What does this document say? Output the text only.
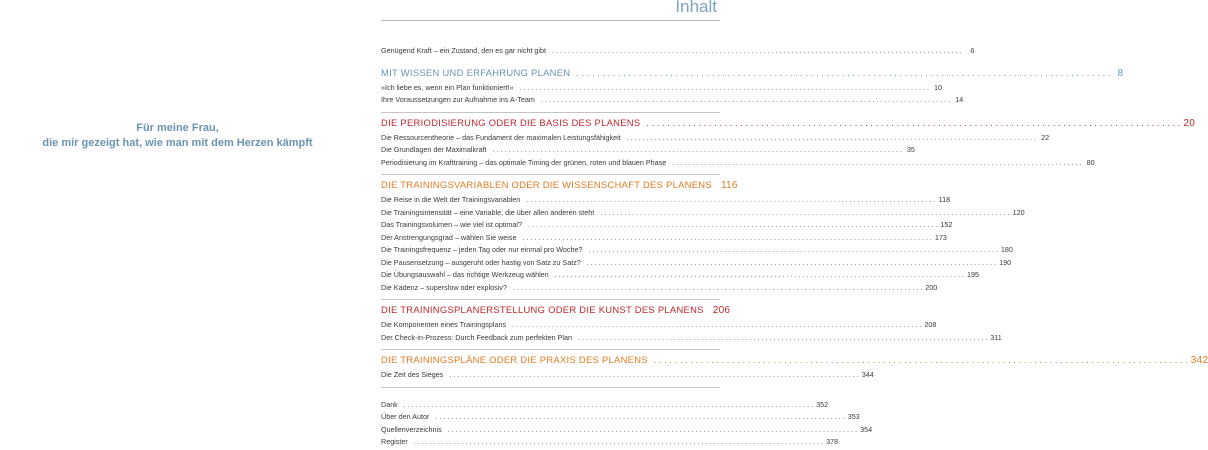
Für meine Frau,
die mir gezeigt hat, wie man mit dem Herzen kämpft
Inhalt
Genügend Kraft – ein Zustand, den es gar nicht gibt . . .	6
MIT WISSEN UND ERFAHRUNG PLANEN . . .	8
»Ich liebe es, wenn ein Plan funktioniert!« . . .	10
Ihre Voraussetzungen zur Aufnahme ins A-Team . . .	14
DIE PERIODISIERUNG ODER DIE BASIS DES PLANENS . . .	20
Die Ressourcentheorie – das Fundament der maximalen Leistungsfähigkeit . . .	22
Die Grundlagen der Maximalkraft . . .	35
Periodisierung im Krafttraining – das optimale Timing der grünen, roten und blauen Phase . . .	80
DIE TRAININGSVARIABLEN ODER DIE WISSENSCHAFT DES PLANENS 116
Die Reise in die Welt der Trainingsvariablen . . .	118
Die Trainingsintensität – eine Variable, die über allen anderen steht . . .	120
Das Trainingsvolumen – wie viel ist optimal? . . .	152
Der Anstrengungsgrad – wählen Sie weise . . .	173
Die Trainingsfrequenz – jeden Tag oder nur einmal pro Woche? . . .	180
Die Pausensetzung – ausgeruht oder hastig von Satz zu Satz? . . .	190
Die Übungsauswahl – das richtige Werkzeug wählen . . .	195
Die Kadenz – superslow oder explosiv? . . .	200
DIE TRAININGSPLANERSTELLUNG ODER DIE KUNST DES PLANENS 206
Die Komponenten eines Trainingsplans . . .	208
Der Check-in-Prozess: Durch Feedback zum perfekten Plan . . .	311
DIE TRAININGSPLÄNE ODER DIE PRAXIS DES PLANENS . . .	342
Die Zeit des Sieges . . .	344
Dank . . .	352
Über den Autor . . .	353
Quellenverzeichnis . . .	354
Register . . .	378
